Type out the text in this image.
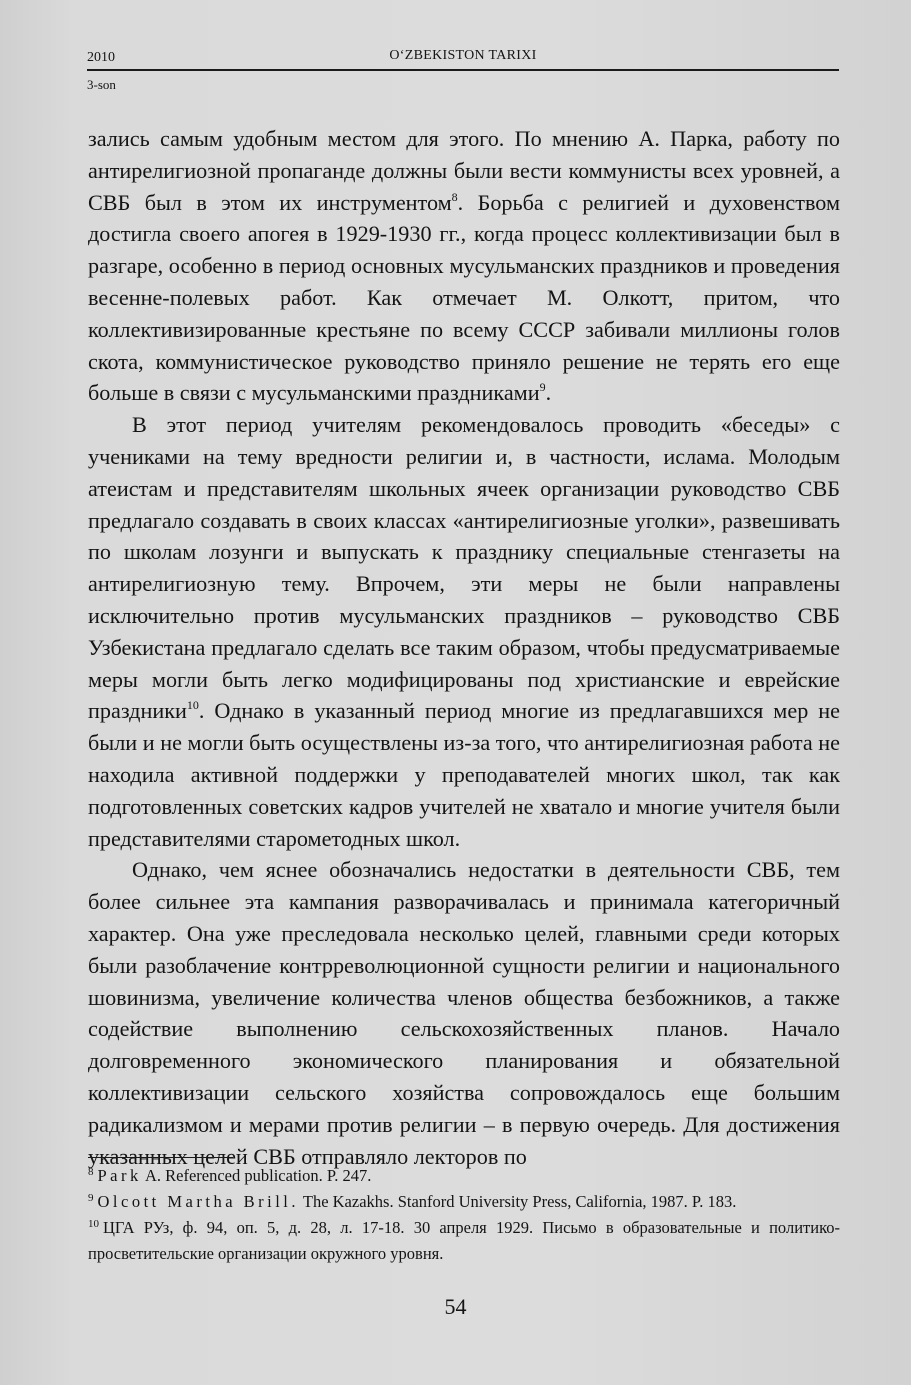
2010	O‘ZBEKISTON TARIXI
3-son

зались самым удобным местом для этого. По мнению А. Парка, работу по антирелигиозной пропаганде должны были вести коммунисты всех уровней, а СВБ был в этом их инструментом$^8$. Борьба с религией и духовенством достигла своего апогея в 1929-1930 гг., когда процесс коллективизации был в разгаре, особенно в период основных мусульманских праздников и проведения весенне-полевых работ. Как отмечает М. Олкотт, притом, что коллективизированные крестьяне по всему СССР забивали миллионы голов скота, коммунистическое руководство приняло решение не терять его еще больше в связи с мусульманскими праздниками$^9$.

В этот период учителям рекомендовалось проводить «беседы» с учениками на тему вредности религии и, в частности, ислама. Молодым атеистам и представителям школьных ячеек организации руководство СВБ предлагало создавать в своих классах «антирелигиозные уголки», развешивать по школам лозунги и выпускать к празднику специальные стенгазеты на антирелигиозную тему. Впрочем, эти меры не были направлены исключительно против мусульманских праздников – руководство СВБ Узбекистана предлагало сделать все таким образом, чтобы предусматриваемые меры могли быть легко модифицированы под христианские и еврейские праздники$^{10}$. Однако в указанный период многие из предлагавшихся мер не были и не могли быть осуществлены из-за того, что антирелигиозная работа не находила активной поддержки у преподавателей многих школ, так как подготовленных советских кадров учителей не хватало и многие учителя были представителями старометодных школ.

Однако, чем яснее обозначались недостатки в деятельности СВБ, тем более сильнее эта кампания разворачивалась и принимала категоричный характер. Она уже преследовала несколько целей, главными среди которых были разоблачение контрреволюционной сущности религии и национального шовинизма, увеличение количества членов общества безбожников, а также содействие выполнению сельскохозяйственных планов. Начало долговременного экономического планирования и обязательной коллективизации сельского хозяйства сопровождалось еще большим радикализмом и мерами против религии – в первую очередь. Для достижения указанных целей СВБ отправляло лекторов по

$^8$ Park A. Referenced publication. P. 247.

$^9$ Olcott Martha Brill. The Kazakhs. Stanford University Press, California, 1987. P. 183.

$^{10}$ ЦГА РУз, ф. 94, оп. 5, д. 28, л. 17-18. 30 апреля 1929. Письмо в образовательные и политико-просветительские организации окружного уровня.

54
